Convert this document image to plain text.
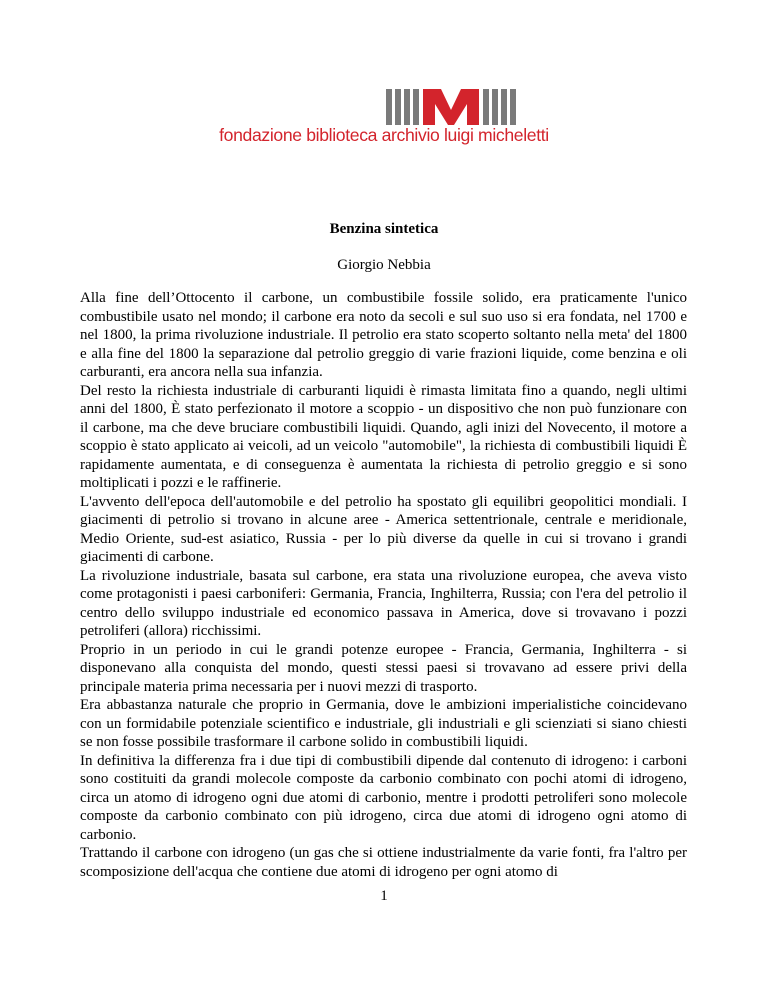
fondazione biblioteca archivio luigi micheletti
Benzina sintetica
Giorgio Nebbia

Alla fine dell’Ottocento il carbone, un combustibile fossile solido, era praticamente l'unico combustibile usato nel mondo; il carbone era noto da secoli e sul suo uso si era fondata, nel 1700 e nel 1800, la prima rivoluzione industriale. Il petrolio era stato scoperto soltanto nella meta' del 1800 e alla fine del 1800 la separazione dal petrolio greggio di varie frazioni liquide, come benzina e oli carburanti, era ancora nella sua infanzia.

Del resto la richiesta industriale di carburanti liquidi è rimasta limitata fino a quando, negli ultimi anni del 1800, È stato perfezionato il motore a scoppio - un dispositivo che non può funzionare con il carbone, ma che deve bruciare combustibili liquidi. Quando, agli inizi del Novecento, il motore a scoppio è stato applicato ai veicoli, ad un veicolo "automobile", la richiesta di combustibili liquidi È rapidamente aumentata, e di conseguenza è aumentata la richiesta di petrolio greggio e si sono moltiplicati i pozzi e le raffinerie.

L'avvento dell'epoca dell'automobile e del petrolio ha spostato gli equilibri geopolitici mondiali. I giacimenti di petrolio si trovano in alcune aree - America settentrionale, centrale e meridionale, Medio Oriente, sud-est asiatico, Russia - per lo più diverse da quelle in cui si trovano i grandi giacimenti di carbone.

La rivoluzione industriale, basata sul carbone, era stata una rivoluzione europea, che aveva visto come protagonisti i paesi carboniferi: Germania, Francia, Inghilterra, Russia; con l'era del petrolio il centro dello sviluppo industriale ed economico passava in America, dove si trovavano i pozzi petroliferi (allora) ricchissimi.

Proprio in un periodo in cui le grandi potenze europee - Francia, Germania, Inghilterra - si disponevano alla conquista del mondo, questi stessi paesi si trovavano ad essere privi della principale materia prima necessaria per i nuovi mezzi di trasporto.

Era abbastanza naturale che proprio in Germania, dove le ambizioni imperialistiche coincidevano con un formidabile potenziale scientifico e industriale, gli industriali e gli scienziati si siano chiesti se non fosse possibile trasformare il carbone solido in combustibili liquidi.

In definitiva la differenza fra i due tipi di combustibili dipende dal contenuto di idrogeno: i carboni sono costituiti da grandi molecole composte da carbonio combinato con pochi atomi di idrogeno, circa un atomo di idrogeno ogni due atomi di carbonio, mentre i prodotti petroliferi sono molecole composte da carbonio combinato con più idrogeno, circa due atomi di idrogeno ogni atomo di carbonio.

Trattando il carbone con idrogeno (un gas che si ottiene industrialmente da varie fonti, fra l'altro per scomposizione dell'acqua che contiene due atomi di idrogeno per ogni atomo di

1
